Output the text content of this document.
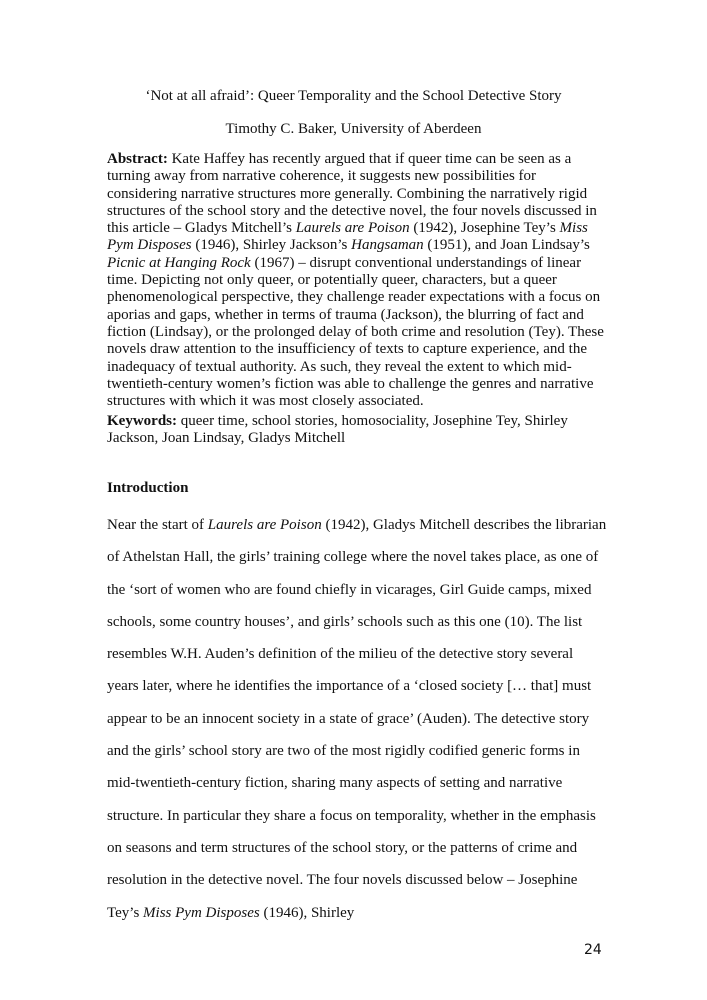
‘Not at all afraid’: Queer Temporality and the School Detective Story
Timothy C. Baker, University of Aberdeen

Abstract: Kate Haffey has recently argued that if queer time can be seen as a turning away from narrative coherence, it suggests new possibilities for considering narrative structures more generally. Combining the narratively rigid structures of the school story and the detective novel, the four novels discussed in this article – Gladys Mitchell’s Laurels are Poison (1942), Josephine Tey’s Miss Pym Disposes (1946), Shirley Jackson’s Hangsaman (1951), and Joan Lindsay’s Picnic at Hanging Rock (1967) – disrupt conventional understandings of linear time. Depicting not only queer, or potentially queer, characters, but a queer phenomenological perspective, they challenge reader expectations with a focus on aporias and gaps, whether in terms of trauma (Jackson), the blurring of fact and fiction (Lindsay), or the prolonged delay of both crime and resolution (Tey). These novels draw attention to the insufficiency of texts to capture experience, and the inadequacy of textual authority. As such, they reveal the extent to which mid-twentieth-century women’s fiction was able to challenge the genres and narrative structures with which it was most closely associated.

Keywords: queer time, school stories, homosociality, Josephine Tey, Shirley Jackson, Joan Lindsay, Gladys Mitchell

Introduction

Near the start of Laurels are Poison (1942), Gladys Mitchell describes the librarian of Athelstan Hall, the girls’ training college where the novel takes place, as one of the ‘sort of women who are found chiefly in vicarages, Girl Guide camps, mixed schools, some country houses’, and girls’ schools such as this one (10). The list resembles W.H. Auden’s definition of the milieu of the detective story several years later, where he identifies the importance of a ‘closed society [… that] must appear to be an innocent society in a state of grace’ (Auden). The detective story and the girls’ school story are two of the most rigidly codified generic forms in mid-twentieth-century fiction, sharing many aspects of setting and narrative structure. In particular they share a focus on temporality, whether in the emphasis on seasons and term structures of the school story, or the patterns of crime and resolution in the detective novel. The four novels discussed below – Josephine Tey’s Miss Pym Disposes (1946), Shirley

24
